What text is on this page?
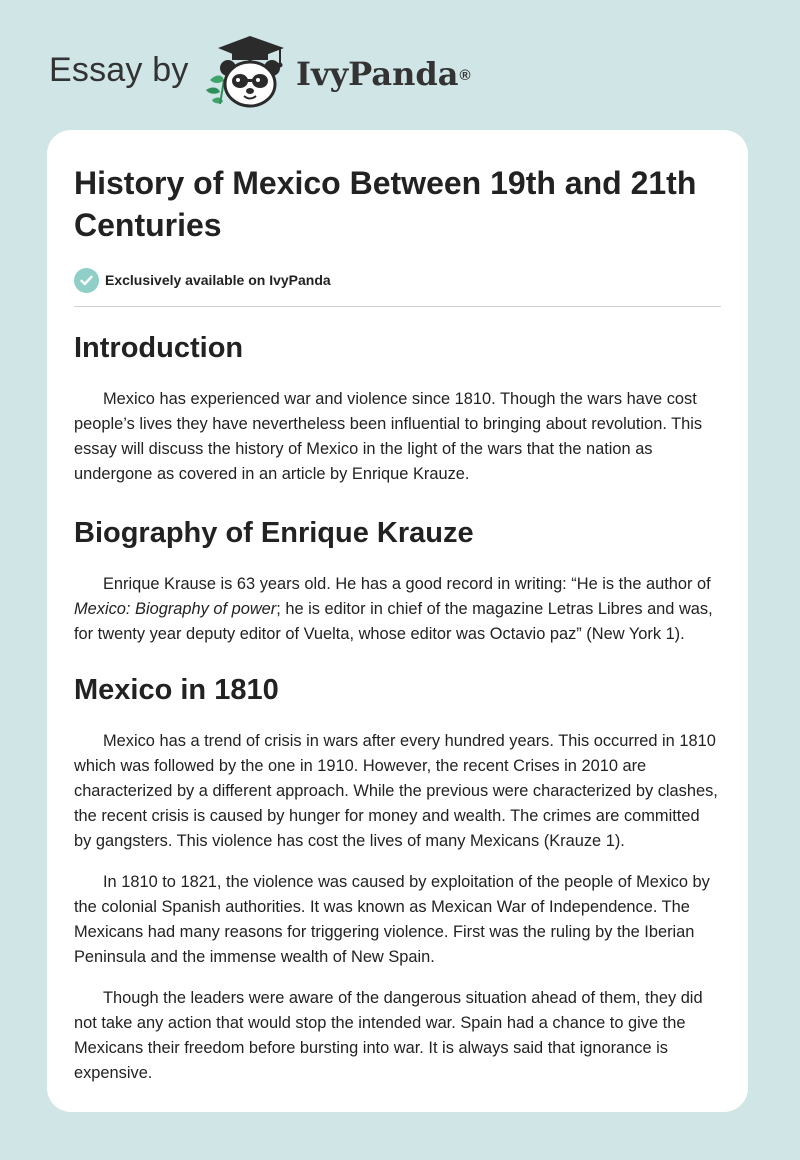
Essay by	IvyPanda®
History of Mexico Between 19th and 21th Centuries
Exclusively available on IvyPanda
Introduction

Mexico has experienced war and violence since 1810. Though the wars have cost people’s lives they have nevertheless been influential to bringing about revolution. This essay will discuss the history of Mexico in the light of the wars that the nation as undergone as covered in an article by Enrique Krauze.

Biography of Enrique Krauze

Enrique Krause is 63 years old. He has a good record in writing: “He is the author of Mexico: Biography of power; he is editor in chief of the magazine Letras Libres and was, for twenty year deputy editor of Vuelta, whose editor was Octavio paz” (New York 1).

Mexico in 1810

Mexico has a trend of crisis in wars after every hundred years. This occurred in 1810 which was followed by the one in 1910. However, the recent Crises in 2010 are characterized by a different approach. While the previous were characterized by clashes, the recent crisis is caused by hunger for money and wealth. The crimes are committed by gangsters. This violence has cost the lives of many Mexicans (Krauze 1).

In 1810 to 1821, the violence was caused by exploitation of the people of Mexico by the colonial Spanish authorities. It was known as Mexican War of Independence. The Mexicans had many reasons for triggering violence. First was the ruling by the Iberian Peninsula and the immense wealth of New Spain.

Though the leaders were aware of the dangerous situation ahead of them, they did not take any action that would stop the intended war. Spain had a chance to give the Mexicans their freedom before bursting into war. It is always said that ignorance is expensive.
